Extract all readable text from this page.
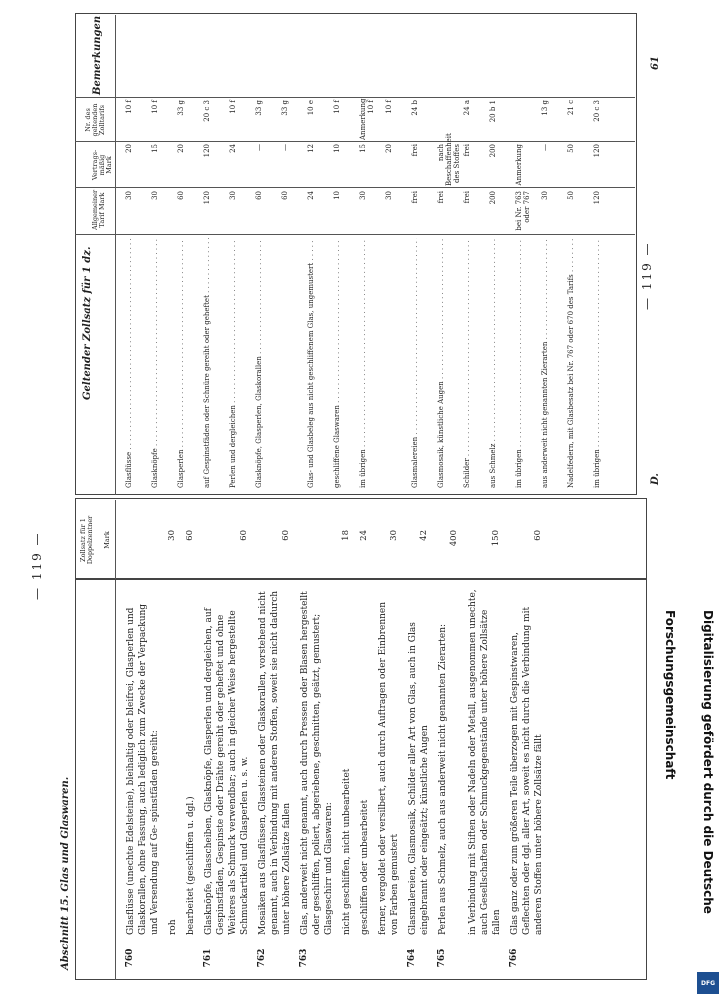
— 119 —
Abschnitt 15. Glas und Glaswaren.
Zollsatz für 1 Doppelzentner Mark
760
Glasflüsse (unechte Edelsteine), bleihaltig oder bleifrei, Glasperlen und Glaskorallen, ohne Fassung, auch lediglich zum Zwecke der Verpackung und Versendung auf Ge- spinstfäden gereiht: roh
30
bearbeitet (geschliffen u. dgl.)
60
761
Glasknöpfe, Glasscheiben, Glasknöpfe, Glasperlen und dergleichen, auf Gespinstfäden, Gespinste oder Drähte gereiht oder geheftet und ohne Weiteres als Schmuck verwendbar; auch in gleicher Weise hergestellte Schmuckartikel und Glasperlen u. s. w.
60
762
Mosaiken aus Glasflüssen, Glassteinen oder Glaskorallen, vorstehend nicht genannt, auch in Verbindung mit anderen Stoffen, soweit sie nicht dadurch unter höhere Zollsätze fallen
60
763
Glas, anderweit nicht genannt, auch durch Pressen oder Blasen hergestellt oder geschliffen, poliert, abgeriebene, geschnitten, geätzt, gemustert; Glasgeschirr und Glaswaren: nicht geschliffen, nicht unbearbeitet
18
geschliffen oder unbearbeitet
24
ferner, vergoldet oder versilbert, auch durch Auftragen oder Einbrennen von Farben gemustert
30
764
Glasmalereien, Glasmosaik, Schilder aller Art von Glas, auch in Glas eingebrannt oder eingeätzt; künstliche Augen
42
765
Perlen aus Schmelz, auch aus anderweit nicht genannten Zierarten:
400
in Verbindung mit Stiften oder Nadeln oder Metall, ausgenommen unechte, auch Gesellschaften oder Schmuckgegenstände unter höhere Zollsätze fallen
150
766
Glas ganz oder zum größeren Teile überzogen mit Gespinstwaren, Geflechten oder dgl. aller Art, soweit es nicht durch die Verbindung mit anderen Stoffen unter höhere Zollsätze fällt
60
— 119 —
Geltender Zollsatz für 1 dz.
Allgemeiner Tarif Mark
Vertrags- mäßig Mark
Nr. des geltenden Zolltarifs
Bemerkungen
Glasflüsse . . .
30
20
10 f
Glasknöpfe . . .
30
15
10 f
Glasperlen . . .
60
20
33 g
auf Gespinstfäden oder Schnüre gereiht oder geheftet . . .
120
120
20 c 3
Perlen und dergleichen . . .
30
24
10 f
Glasknöpfe, Glasperlen, Glaskorallen . . .
60
—
33 g
60
—
33 g
Glas- und Glasbeleg aus nicht geschliffenem Glas, ungemustert . . .
24
12
10 e
geschliffene Glaswaren . . .
10
10
10 f
im übrigen . . .
30
15
Anmerkung 10 f
30
20
10 f
Glasmalereien . . .
frei
frei
24 b
Glasmosaik, künstliche Augen . . .
frei
nach Beschaffenheit des Stoffes
Schilder . . .
frei
frei
24 a
aus Schmelz . . .
200
200
20 b 1
im übrigen . . .
bei Nr. 763 oder 767
Anmerkung
aus anderweit nicht genannten Zierarten . . .
30
—
13 g
Nadelfedern, mit Glasbesatz bei Nr. 767 oder 670 des Tarifs . . .
50
50
21 c
im übrigen . . .
120
120
20 c 3
D.
61
Digitalisierung gefördert durch die Deutsche Forschungsgemeinschaft
DFG
